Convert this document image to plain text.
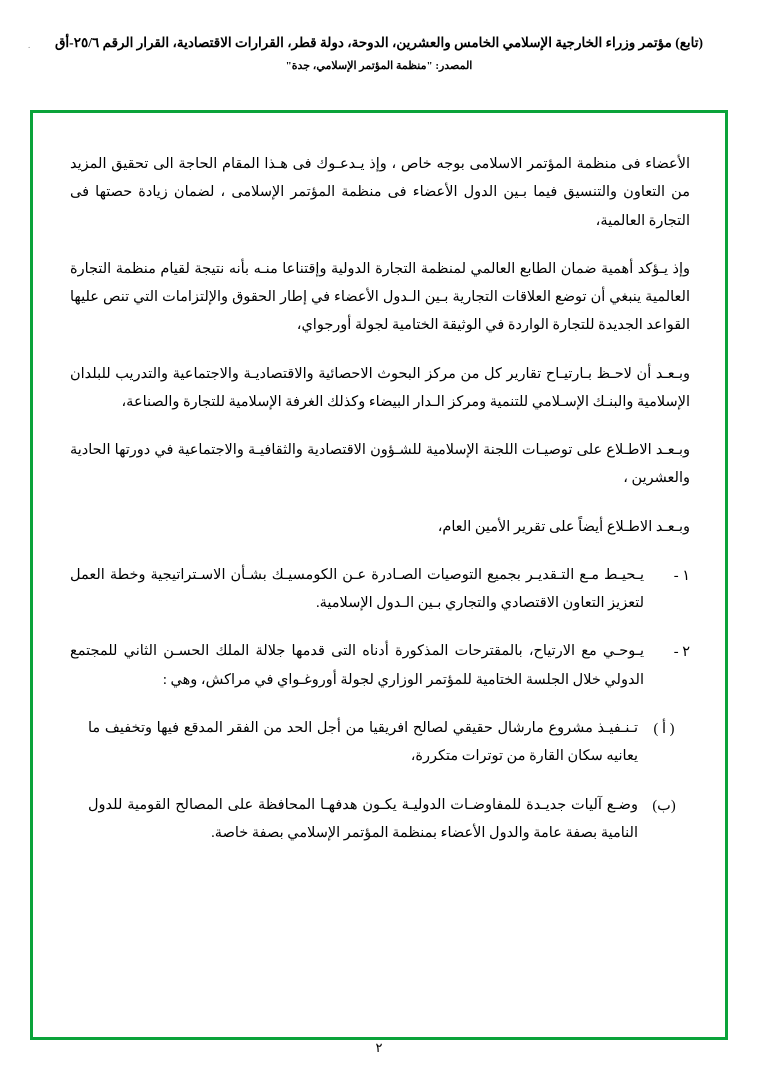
.	(تابع) مؤتمر وزراء الخارجية الإسلامي الخامس والعشرين، الدوحة، دولة قطر، القرارات الاقتصادية، القرار الرقم ٢٥/٦-أق
المصدر: "منظمة المؤتمر الإسلامي، جدة"

الأعضاء فى منظمة المؤتمر الاسلامى بوجه خاص ، وإذ يـدعـوك فى هـذا المقام الحاجة الى تحقيق المزيد من التعاون والتنسيق فيما بـين الدول الأعضاء فى منظمة المؤتمر الإسلامى ، لضمان زيادة حصتها فى التجارة العالمية،

وإذ يـؤكد أهمية ضمان الطابع العالمي لمنظمة التجارة الدولية وإقتناعا منـه بأنه نتيجة لقيام منظمة التجارة العالمية ينبغي أن توضع العلاقات التجارية بـين الـدول الأعضاء في إطار الحقوق والإلتزامات التي تنص عليها القواعد الجديدة للتجارة الواردة في الوثيقة الختامية لجولة أورجواي،

وبـعـد أن لاحـظ بـارتيـاح تقارير كل من مركز البحوث الاحصائية والاقتصاديـة والاجتماعية والتدريب للبلدان الإسلامية والبنـك الإسـلامي للتنمية ومركز الـدار البيضاء وكذلك الغرفة الإسلامية للتجارة والصناعة،

وبـعـد الاطـلاع على توصيـات اللجنة الإسلامية للشـؤون الاقتصادية والثقافيـة والاجتماعية في دورتها الحادية والعشرين ،

وبـعـد الاطـلاع أيضاً على تقرير الأمين العام،

١ -
يـحيـط مـع التـقديـر بجميع التوصيات الصـادرة عـن الكومسيـك بشـأن الاسـتراتيجية وخطة العمل لتعزيز التعاون الاقتصادي والتجاري بـين الـدول الإسلامية.
٢ -
يـوحـي مع الارتياح، بالمقترحات المذكورة أدناه التى قدمها جلالة الملك الحسـن الثاني للمجتمع الدولي خلال الجلسة الختامية للمؤتمر الوزاري لجولة أوروغـواي في مراكش، وهي :
( أ )
تـنـفيـذ مشروع مارشال حقيقي لصالح افريقيا من أجل الحد من الفقر المدقع فيها وتخفيف ما يعانيه سكان القارة من توترات متكررة،
(ب)
وضـع آليات جديـدة للمفاوضـات الدوليـة يكـون هدفهـا المحافظة على المصالح القومية للدول النامية بصفة عامة والدول الأعضاء بمنظمة المؤتمر الإسلامي بصفة خاصة.
٢
